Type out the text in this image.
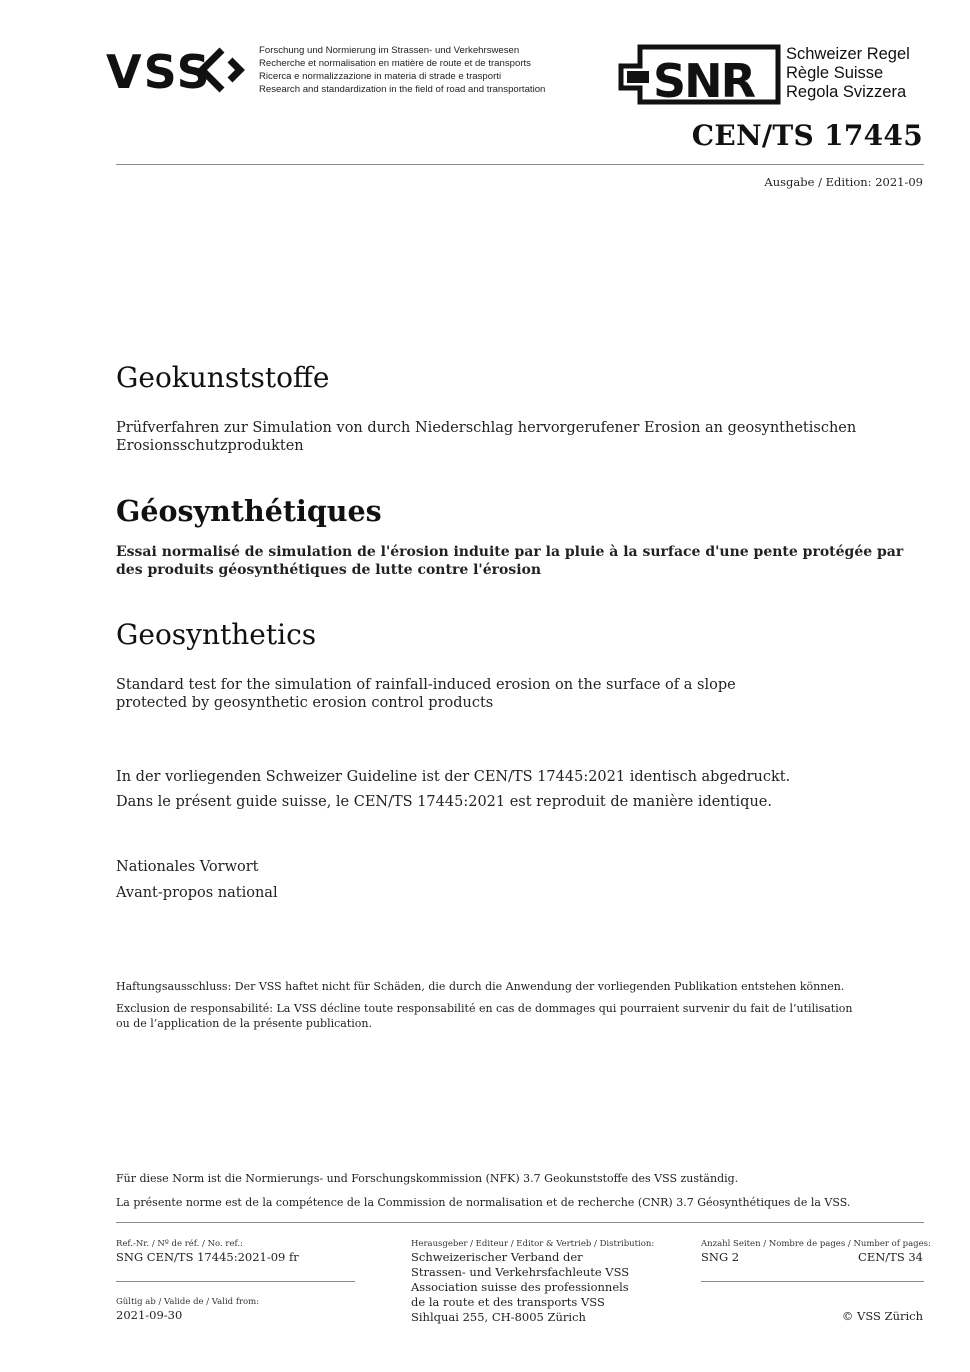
VSS	Forschung und Normierung im Strassen- und Verkehrswesen
Recherche et normalisation en matière de route et de transports
Ricerca e normalizzazione in materia di strade e trasporti
Research and standardization in the field of road and transportation SNR Schweizer Regel
Règle Suisse
Regola Svizzera
CEN/TS 17445
Ausgabe / Edition: 2021-09
Geokunststoffe
Prüfverfahren zur Simulation von durch Niederschlag hervorgerufener Erosion an geosynthetischen Erosionsschutzprodukten
Géosynthétiques
Essai normalisé de simulation de l'érosion induite par la pluie à la surface d'une pente protégée par des produits géosynthétiques de lutte contre l'érosion
Geosynthetics
Standard test for the simulation of rainfall-induced erosion on the surface of a slope protected by geosynthetic erosion control products
In der vorliegenden Schweizer Guideline ist der CEN/TS 17445:2021 identisch abgedruckt.
Dans le présent guide suisse, le CEN/TS 17445:2021 est reproduit de manière identique.
Nationales Vorwort
Avant-propos national
Haftungsausschluss: Der VSS haftet nicht für Schäden, die durch die Anwendung der vorliegenden Publikation entstehen können.
Exclusion de responsabilité: La VSS décline toute responsabilité en cas de dommages qui pourraient survenir du fait de l’utilisation ou de l’application de la présente publication.
Für diese Norm ist die Normierungs- und Forschungskommission (NFK) 3.7 Geokunststoffe des VSS zuständig.
La présente norme est de la compétence de la Commission de normalisation et de recherche (CNR) 3.7 Géosynthétiques de la VSS.
Ref.-Nr. / Nº de réf. / No. ref.:
SNG CEN/TS 17445:2021-09 fr
Gültig ab / Valide de / Valid from:
2021-09-30
Herausgeber / Editeur / Editor & Vertrieb / Distribution:
Schweizerischer Verband der
Strassen- und Verkehrsfachleute VSS
Association suisse des professionnels
de la route et des transports VSS
Sihlquai 255, CH-8005 Zürich
Anzahl Seiten / Nombre de pages / Number of pages:
SNG 2	CEN/TS 34
© VSS Zürich
